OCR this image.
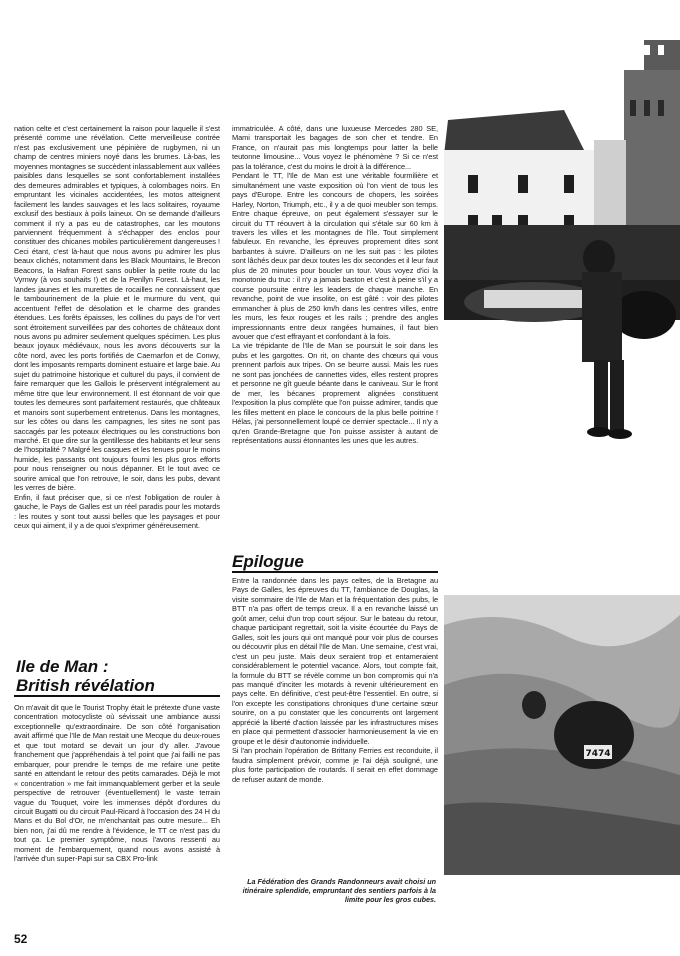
nation celte et c'est certainement la raison pour laquelle il s'est présenté comme une révélation. Cette merveilleuse contrée n'est pas exclusivement une pépinière de rugbymen, ni un champ de centres miniers noyé dans les brumes. Là-bas, les moyennes montagnes se succèdent inlassablement aux vallées paisibles dans lesquelles se sont confortablement installées des demeures admirables et typiques, à colombages noirs. En empruntant les vicinales accidentées, les motos atteignent facilement les landes sauvages et les lacs solitaires, royaume exclusif des bestiaux à poils laineux. On se demande d'ailleurs comment il n'y a pas eu de catastrophes, car les moutons parviennent fréquemment à s'échapper des enclos pour constituer des chicanes mobiles particulièrement dangereuses ! Ceci étant, c'est là-haut que nous avons pu admirer les plus beaux clichés, notamment dans les Black Mountains, le Brecon Beacons, la Hafran Forest sans oublier la petite route du lac Vyrnwy (à vos souhaits !) et de la Penllyn Forest. Là-haut, les landes jaunes et les murettes de rocailles ne connaissent que le tambourinement de la pluie et le murmure du vent, qui accentuent l'effet de désolation et le charme des grandes étendues. Les forêts épaisses, les collines du pays de l'or vert sont étroitement surveillées par des cohortes de châteaux dont nous avons pu admirer seulement quelques spécimen. Les plus beaux joyaux médiévaux, nous les avons découverts sur la côte nord, avec les ports fortifiés de Caernarfon et de Conwy, dont les imposants remparts dominent estuaire et large baie. Au sujet du patrimoine historique et culturel du pays, il convient de faire remarquer que les Gallois le préservent intégralement au même titre que leur environnement. Il est étonnant de voir que toutes les demeures sont parfaitement restaurés, que châteaux et manoirs sont superbement entretenus. Dans les montagnes, sur les côtes ou dans les campagnes, les sites ne sont pas saccagés par les poteaux électriques ou les constructions bon marché. Et que dire sur la gentillesse des habitants et leur sens de l'hospitalité ? Malgré les casques et les tenues pour le moins humide, les passants ont toujours fourni les plus gros efforts pour nous renseigner ou nous dépanner. Et le tout avec ce sourire amical que l'on retrouve, le soir, dans les pubs, devant les verres de bière.

Enfin, il faut préciser que, si ce n'est l'obligation de rouler à gauche, le Pays de Galles est un réel paradis pour les motards : les routes y sont tout aussi belles que les paysages et pour ceux qui aiment, il y a de quoi s'exprimer généreusement.

Ile de Man :
British révélation

On m'avait dit que le Tourist Trophy était le prétexte d'une vaste concentration motocycliste où sévissait une ambiance aussi exceptionnelle qu'extraordinaire. De son côté l'organisation avait affirmé que l'Ile de Man restait une Mecque du deux-roues et que tout motard se devait un jour d'y aller. J'avoue franchement que j'appréhendais à tel point que j'ai failli ne pas embarquer, pour prendre le temps de me refaire une petite santé en attendant le retour des petits camarades. Déjà le mot « concentration » me fait immanquablement gerber et la seule perspective de retrouver (éventuellement) le vaste terrain vague du Touquet, voire les immenses dépôt d'ordures du circuit Bugatti ou du circuit Paul-Ricard à l'occasion des 24 H du Mans et du Bol d'Or, ne m'enchantait pas outre mesure... Eh bien non, j'ai dû me rendre à l'évidence, le TT ce n'est pas du tout ça. Le premier symptôme, nous l'avons ressenti au moment de l'embarquement, quand nous avons assisté à l'arrivée d'un super-Papi sur sa CBX Pro-link

immatriculée. A côté, dans une luxueuse Mercedes 280 SE, Mami transportait les bagages de son cher et tendre. En France, on n'aurait pas mis longtemps pour latter la belle teutonne limousine... Vous voyez le phénomène ? Si ce n'est pas la tolérance, c'est du moins le droit à la différence...

Pendant le TT, l'Ile de Man est une véritable fourmilière et simultanément une vaste exposition où l'on vient de tous les pays d'Europe. Entre les concours de chopers, les soirées Harley, Norton, Triumph, etc., il y a de quoi meubler son temps. Entre chaque épreuve, on peut également s'essayer sur le circuit du TT réouvert à la circulation qui s'étale sur 60 km à travers les villes et les montagnes de l'île. Tout simplement fabuleux. En revanche, les épreuves proprement dites sont barbantes à suivre. D'ailleurs on ne les suit pas : les pilotes sont lâchés deux par deux toutes les dix secondes et il leur faut plus de 20 minutes pour boucler un tour. Vous voyez d'ici la monotonie du truc : il n'y a jamais baston et c'est à peine s'il y a course poursuite entre les leaders de chaque manche. En revanche, point de vue insolite, on est gâté : voir des pilotes emmancher à plus de 250 km/h dans les centres villes, entre les murs, les feux rouges et les rails ; prendre des angles impressionnants entre deux rangées humaines, il faut bien avouer que c'est effrayant et confondant à la fois.

La vie trépidante de l'Ile de Man se poursuit le soir dans les pubs et les gargottes. On rit, on chante des chœurs qui vous prennent parfois aux tripes. On se beurre aussi. Mais les rues ne sont pas jonchées de cannettes vides, elles restent propres et personne ne gît gueule béante dans le caniveau. Sur le front de mer, les bécanes proprement alignées constituent l'exposition la plus complète que l'on puisse admirer, tandis que les filles mettent en place le concours de la plus belle poitrine ! Hélas, j'ai personnellement loupé ce dernier spectacle... Il n'y a qu'en Grande-Bretagne que l'on puisse assister à autant de représentations aussi étonnantes les unes que les autres.

Epilogue

Entre la randonnée dans les pays celtes, de la Bretagne au Pays de Galles, les épreuves du TT, l'ambiance de Douglas, la visite sommaire de l'Ile de Man et la fréquentation des pubs, le BTT n'a pas offert de temps creux. Il a en revanche laissé un goût amer, celui d'un trop court séjour. Sur le bateau du retour, chaque participant regrettait, soit la visite écourtée du Pays de Galles, soit les jours qui ont manqué pour voir plus de courses ou découvrir plus en détail l'Ile de Man. Une semaine, c'est vrai, c'est un peu juste. Mais deux seraient trop et entameraient considérablement le potentiel vacance. Alors, tout compte fait, la formule du BTT se révèle comme un bon compromis qui n'a pas manqué d'inciter les motards à revenir ultérieurement en pays celte. En définitive, c'est peut-être l'essentiel. En outre, si l'on excepte les constipations chroniques d'une certaine sœur sourire, on a pu constater que les concurrents ont largement apprécié la liberté d'action laissée par les infrastructures mises en place qui permettent d'associer harmonieusement la vie en groupe et le désir d'autonomie individuelle.

Si l'an prochain l'opération de Brittany Ferries est reconduite, il faudra simplement prévoir, comme je l'ai déjà souligné, une plus forte participation de routards. Il serait en effet dommage de refuser autant de monde.

7474
La Fédération des Grands Randonneurs avait choisi un itinéraire splendide, empruntant des sentiers parfois à la limite pour les gros cubes.
52
